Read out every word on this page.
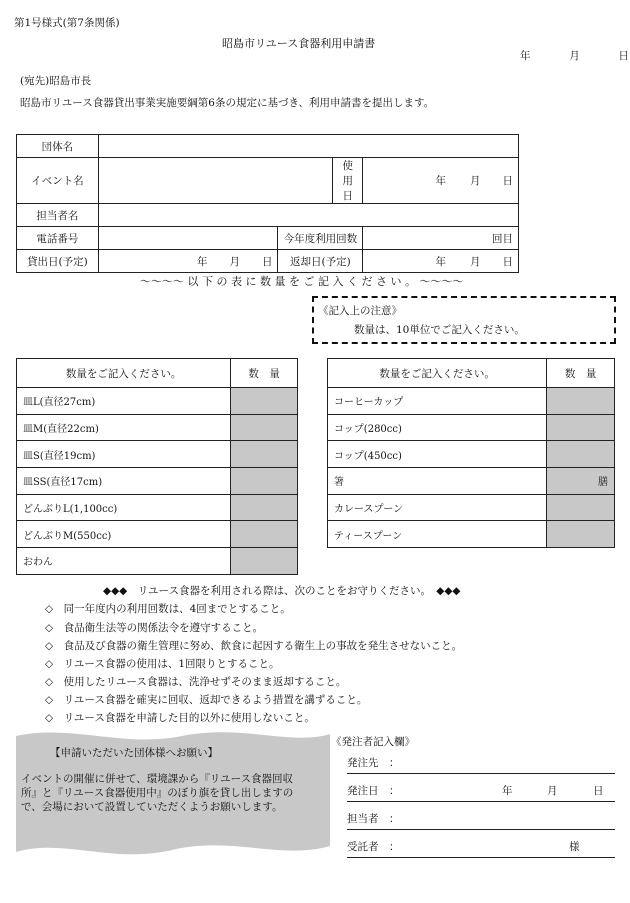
第1号様式(第7条関係)
昭島市リユース食器利用申請書
年	月	日
(宛先)昭島市長
昭島市リユース食器貸出事業実施要綱第6条の規定に基づき、利用申請書を提出します。
団体名				
イベント名			使用日	年 月 日
担当者名				
電話番号		今年度利用回数		回目
貸出日(予定)	年 月 日	返却日(予定)		年 月 日
～～～～ 以 下 の 表 に 数 量 を ご 記 入 く だ さ い 。 ～～～～
《記入上の注意》
数量は、10単位でご記入ください。
数量をご記入ください。	数　量
皿L(直径27cm)	
皿M(直径22cm)	
皿S(直径19cm)	
皿SS(直径17cm)	
どんぶりL(1,100cc)	
どんぶりM(550cc)	
おわん	
数量をご記入ください。	数　量
コーヒーカップ	
コップ(280cc)	
コップ(450cc)	
箸	膳
カレースプーン	
ティースプーン	
◆◆◆　リユース食器を利用される際は、次のことをお守りください。　◆◆◆
◇　同一年度内の利用回数は、4回までとすること。
◇　食品衛生法等の関係法令を遵守すること。
◇　食品及び食器の衛生管理に努め、飲食に起因する衛生上の事故を発生させないこと。
◇　リユース食器の使用は、1回限りとすること。
◇　使用したリユース食器は、洗浄せずそのまま返却すること。
◇　リユース食器を確実に回収、返却できるよう措置を講ずること。
◇　リユース食器を申請した目的以外に使用しないこと。
【申請いただいた団体様へお願い】
イベントの開催に併せて、環境課から『リユース食器回収
所』と『リユース食器使用中』のぼり旗を貸し出しますの
で、会場において設置していただくようお願いします。
《発注者記入欄》
発注先　：
発注日　：	年	月	日
担当者　：
受託者　：	様
